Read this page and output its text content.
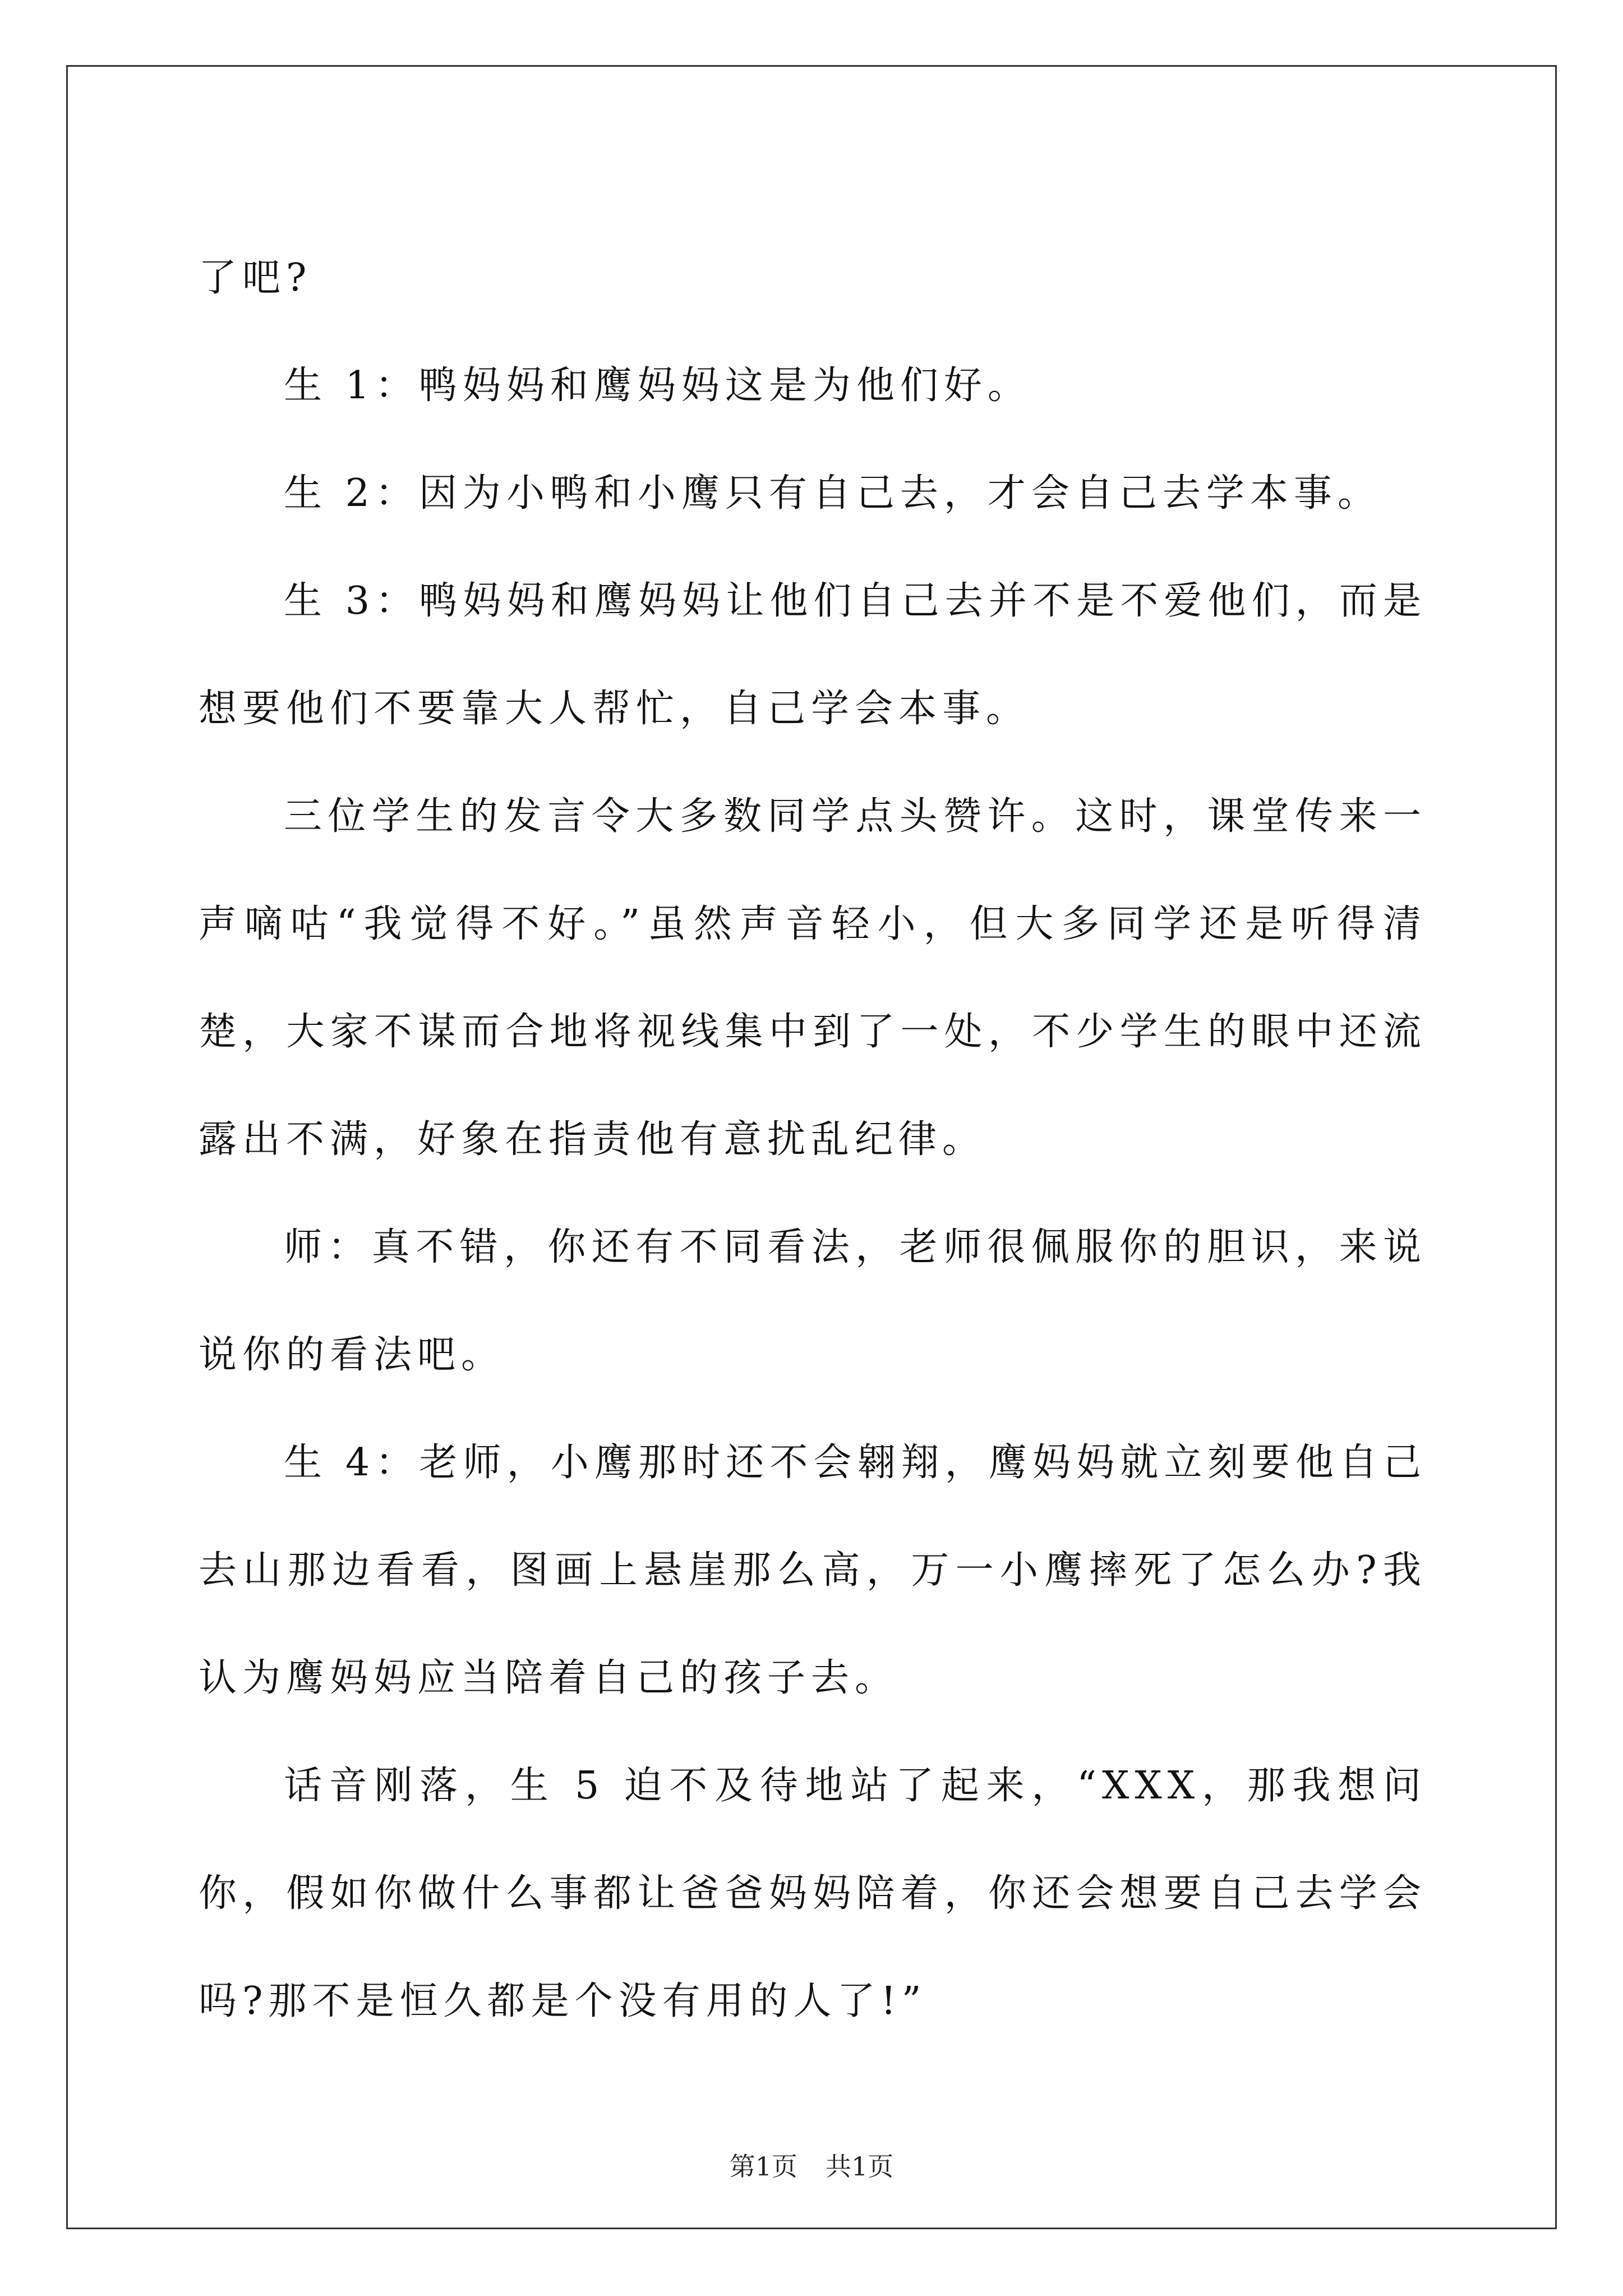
了吧?

生 1：鸭妈妈和鹰妈妈这是为他们好。

生 2：因为小鸭和小鹰只有自己去，才会自己去学本事。

生 3：鸭妈妈和鹰妈妈让他们自己去并不是不爱他们，而是想要他们不要靠大人帮忙，自己学会本事。

三位学生的发言令大多数同学点头赞许。这时，课堂传来一声嘀咕“我觉得不好。”虽然声音轻小，但大多同学还是听得清楚，大家不谋而合地将视线集中到了一处，不少学生的眼中还流露出不满，好象在指责他有意扰乱纪律。

师：真不错，你还有不同看法，老师很佩服你的胆识，来说说你的看法吧。

生 4：老师，小鹰那时还不会翱翔，鹰妈妈就立刻要他自己去山那边看看，图画上悬崖那么高，万一小鹰摔死了怎么办?我认为鹰妈妈应当陪着自己的孩子去。

话音刚落，生 5 迫不及待地站了起来，“XXX，那我想问你，假如你做什么事都让爸爸妈妈陪着，你还会想要自己去学会吗?那不是恒久都是个没有用的人了!”

第1页 共1页
